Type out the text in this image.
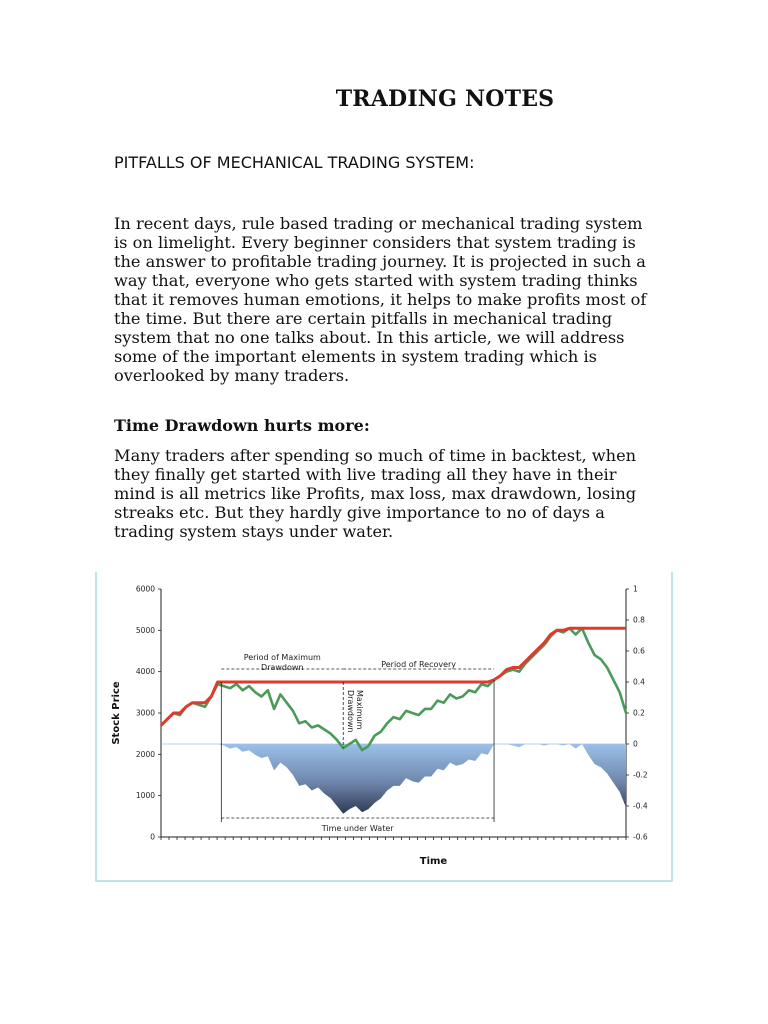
TRADING NOTES
PITFALLS OF MECHANICAL TRADING SYSTEM:
In recent days, rule based trading or mechanical trading system is on limelight. Every beginner considers that system trading is the answer to profitable trading journey. It is projected in such a way that, everyone who gets started with system trading thinks that it removes human emotions, it helps to make profits most of the time. But there are certain pitfalls in mechanical trading system that no one talks about. In this article, we will address some of the important elements in system trading which is overlooked by many traders.
Time Drawdown hurts more:
Many traders after spending so much of time in backtest, when they finally get started with live trading all they have in their mind is all metrics like Profits, max loss, max drawdown, losing streaks etc. But they hardly give importance to no of days a trading system stays under water.
0
1000
2000
3000
4000
5000
6000
-0.6
-0.4
-0.2
0
0.2
0.4
0.6
0.8
1
Time
Stock Price
Period of Maximum
Drawdown	Period of Recovery
Maximum
Drawdown
Time under Water
